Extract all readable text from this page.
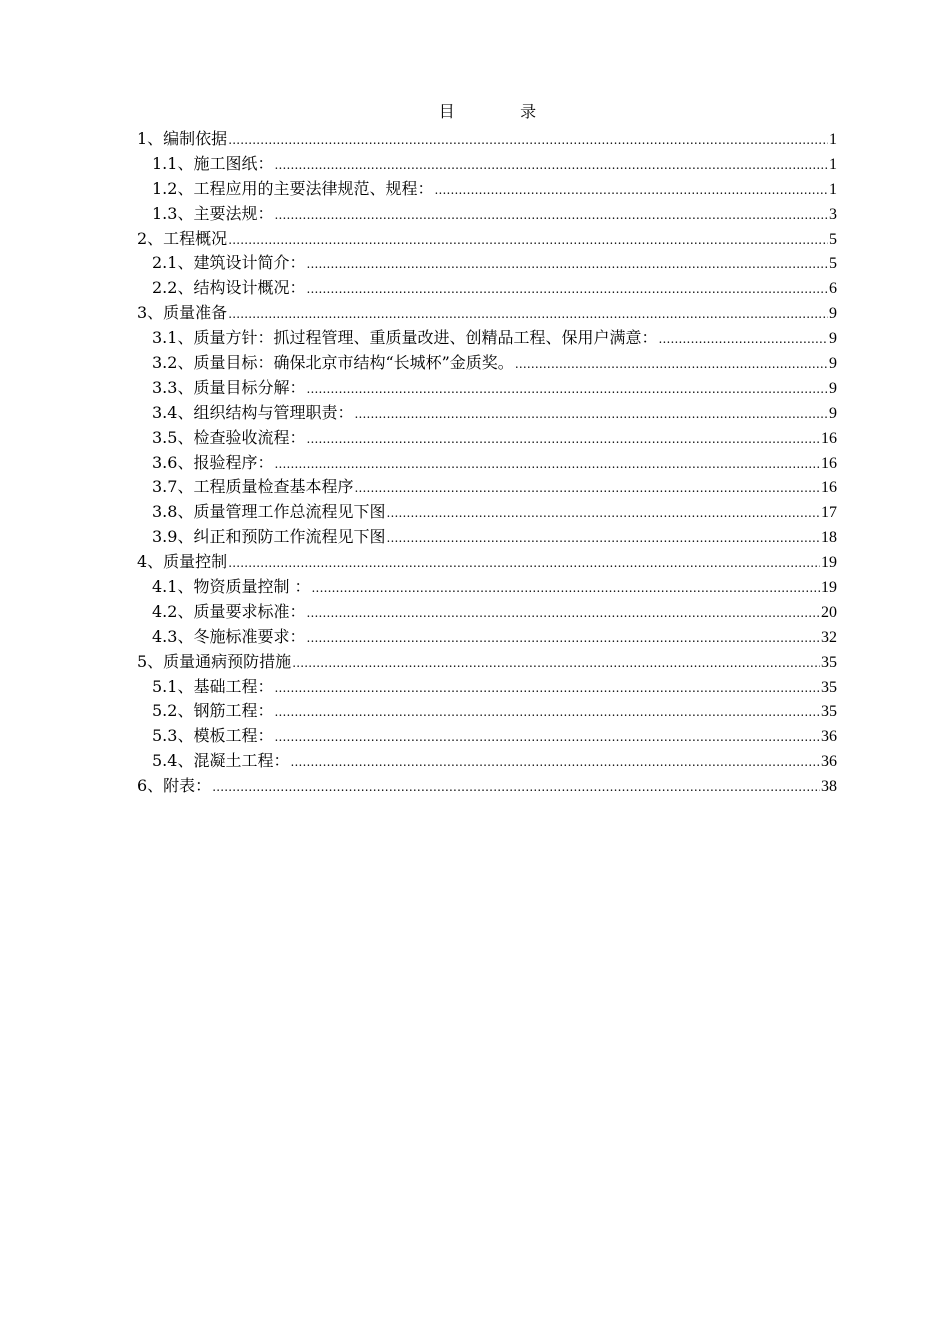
目		录
1、编制依据 .....	1
1.1、施工图纸： .....	1
1.2、工程应用的主要法律规范、规程： .....	1
1.3、主要法规： .....	3
2、工程概况 .....	5
2.1、建筑设计简介： .....	5
2.2、结构设计概况： .....	6
3、质量准备 .....	9
3.1、质量方针：抓过程管理、重质量改进、创精品工程、保用户满意： .....	9
3.2、质量目标：确保北京市结构“长城杯”金质奖。 .....	9
3.3、质量目标分解： .....	9
3.4、组织结构与管理职责： .....	9
3.5、检查验收流程： .....	16
3.6、报验程序： .....	16
3.7、工程质量检查基本程序 .....	16
3.8、质量管理工作总流程见下图 .....	17
3.9、纠正和预防工作流程见下图 .....	18
4、质量控制 .....	19
4.1、物资质量控制 ： .....	19
4.2、质量要求标准： .....	20
4.3、冬施标准要求： .....	32
5、质量通病预防措施 .....	35
5.1、基础工程： .....	35
5.2、钢筋工程： .....	35
5.3、模板工程： .....	36
5.4、混凝土工程： .....	36
6、附表： .....	38
